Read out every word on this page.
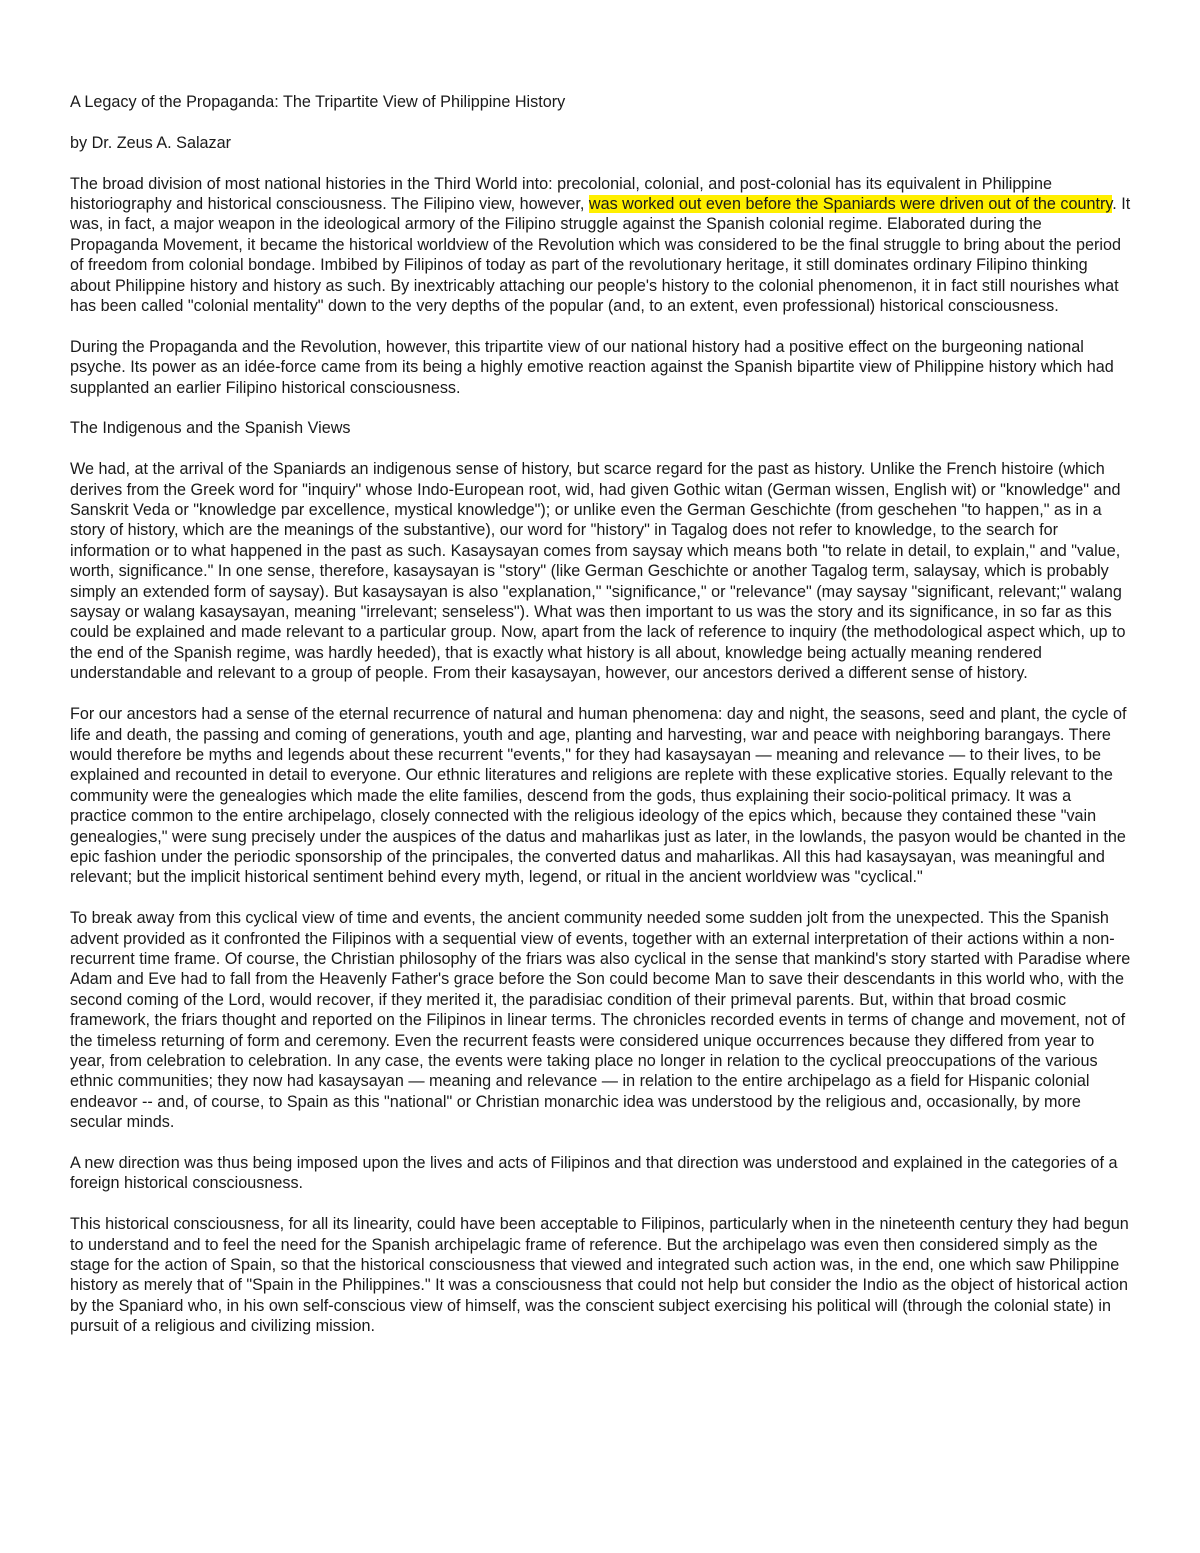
A Legacy of the Propaganda: The Tripartite View of Philippine History

by Dr. Zeus A. Salazar

The broad division of most national histories in the Third World into: precolonial, colonial, and post-colonial has its equivalent in Philippine historiography and historical consciousness. The Filipino view, however, was worked out even before the Spaniards were driven out of the country. It was, in fact, a major weapon in the ideological armory of the Filipino struggle against the Spanish colonial regime. Elaborated during the Propaganda Movement, it became the historical worldview of the Revolution which was considered to be the final struggle to bring about the period of freedom from colonial bondage. Imbibed by Filipinos of today as part of the revolutionary heritage, it still dominates ordinary Filipino thinking about Philippine history and history as such. By inextricably attaching our people's history to the colonial phenomenon, it in fact still nourishes what has been called "colonial mentality" down to the very depths of the popular (and, to an extent, even professional) historical consciousness.

During the Propaganda and the Revolution, however, this tripartite view of our national history had a positive effect on the burgeoning national psyche. Its power as an idée-force came from its being a highly emotive reaction against the Spanish bipartite view of Philippine history which had supplanted an earlier Filipino historical consciousness.

The Indigenous and the Spanish Views

We had, at the arrival of the Spaniards an indigenous sense of history, but scarce regard for the past as history. Unlike the French histoire (which derives from the Greek word for "inquiry" whose Indo-European root, wid, had given Gothic witan (German wissen, English wit) or "knowledge" and Sanskrit Veda or "knowledge par excellence, mystical knowledge"); or unlike even the German Geschichte (from geschehen "to happen," as in a story of history, which are the meanings of the substantive), our word for "history" in Tagalog does not refer to knowledge, to the search for information or to what happened in the past as such. Kasaysayan comes from saysay which means both "to relate in detail, to explain," and "value, worth, significance." In one sense, therefore, kasaysayan is "story" (like German Geschichte or another Tagalog term, salaysay, which is probably simply an extended form of saysay). But kasaysayan is also "explanation," "significance," or "relevance" (may saysay "significant, relevant;" walang saysay or walang kasaysayan, meaning "irrelevant; senseless"). What was then important to us was the story and its significance, in so far as this could be explained and made relevant to a particular group. Now, apart from the lack of reference to inquiry (the methodological aspect which, up to the end of the Spanish regime, was hardly heeded), that is exactly what history is all about, knowledge being actually meaning rendered understandable and relevant to a group of people. From their kasaysayan, however, our ancestors derived a different sense of history.

For our ancestors had a sense of the eternal recurrence of natural and human phenomena: day and night, the seasons, seed and plant, the cycle of life and death, the passing and coming of generations, youth and age, planting and harvesting, war and peace with neighboring barangays. There would therefore be myths and legends about these recurrent "events," for they had kasaysayan — meaning and relevance — to their lives, to be explained and recounted in detail to everyone. Our ethnic literatures and religions are replete with these explicative stories. Equally relevant to the community were the genealogies which made the elite families, descend from the gods, thus explaining their socio-political primacy. It was a practice common to the entire archipelago, closely connected with the religious ideology of the epics which, because they contained these "vain genealogies," were sung precisely under the auspices of the datus and maharlikas just as later, in the lowlands, the pasyon would be chanted in the epic fashion under the periodic sponsorship of the principales, the converted datus and maharlikas. All this had kasaysayan, was meaningful and relevant; but the implicit historical sentiment behind every myth, legend, or ritual in the ancient worldview was "cyclical."

To break away from this cyclical view of time and events, the ancient community needed some sudden jolt from the unexpected. This the Spanish advent provided as it confronted the Filipinos with a sequential view of events, together with an external interpretation of their actions within a non-recurrent time frame. Of course, the Christian philosophy of the friars was also cyclical in the sense that mankind's story started with Paradise where Adam and Eve had to fall from the Heavenly Father's grace before the Son could become Man to save their descendants in this world who, with the second coming of the Lord, would recover, if they merited it, the paradisiac condition of their primeval parents. But, within that broad cosmic framework, the friars thought and reported on the Filipinos in linear terms. The chronicles recorded events in terms of change and movement, not of the timeless returning of form and ceremony. Even the recurrent feasts were considered unique occurrences because they differed from year to year, from celebration to celebration. In any case, the events were taking place no longer in relation to the cyclical preoccupations of the various ethnic communities; they now had kasaysayan — meaning and relevance — in relation to the entire archipelago as a field for Hispanic colonial endeavor -- and, of course, to Spain as this "national" or Christian monarchic idea was understood by the religious and, occasionally, by more secular minds.

A new direction was thus being imposed upon the lives and acts of Filipinos and that direction was understood and explained in the categories of a foreign historical consciousness.

This historical consciousness, for all its linearity, could have been acceptable to Filipinos, particularly when in the nineteenth century they had begun to understand and to feel the need for the Spanish archipelagic frame of reference. But the archipelago was even then considered simply as the stage for the action of Spain, so that the historical consciousness that viewed and integrated such action was, in the end, one which saw Philippine history as merely that of "Spain in the Philippines." It was a consciousness that could not help but consider the Indio as the object of historical action by the Spaniard who, in his own self-conscious view of himself, was the conscient subject exercising his political will (through the colonial state) in pursuit of a religious and civilizing mission.
